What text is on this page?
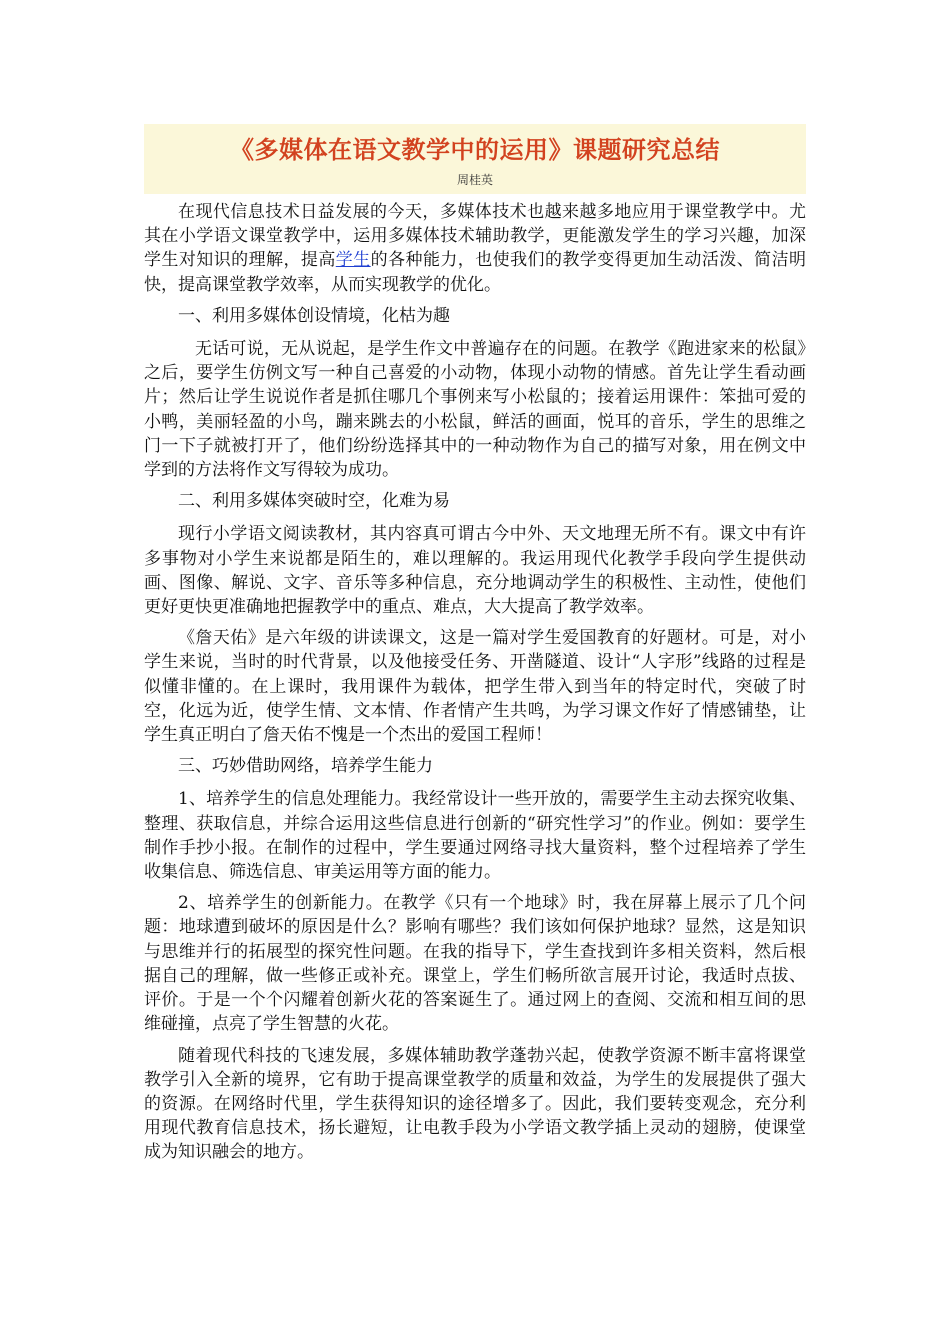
《多媒体在语文教学中的运用》课题研究总结

周桂英

在现代信息技术日益发展的今天，多媒体技术也越来越多地应用于课堂教学中。尤其在小学语文课堂教学中，运用多媒体技术辅助教学，更能激发学生的学习兴趣，加深学生对知识的理解，提高学生的各种能力，也使我们的教学变得更加生动活泼、简洁明快，提高课堂教学效率，从而实现教学的优化。

一、利用多媒体创设情境，化枯为趣

无话可说，无从说起，是学生作文中普遍存在的问题。在教学《跑进家来的松鼠》之后，要学生仿例文写一种自己喜爱的小动物，体现小动物的情感。首先让学生看动画片；然后让学生说说作者是抓住哪几个事例来写小松鼠的；接着运用课件：笨拙可爱的小鸭，美丽轻盈的小鸟，蹦来跳去的小松鼠，鲜活的画面，悦耳的音乐，学生的思维之门一下子就被打开了，他们纷纷选择其中的一种动物作为自己的描写对象，用在例文中学到的方法将作文写得较为成功。

二、利用多媒体突破时空，化难为易

现行小学语文阅读教材，其内容真可谓古今中外、天文地理无所不有。课文中有许多事物对小学生来说都是陌生的，难以理解的。我运用现代化教学手段向学生提供动画、图像、解说、文字、音乐等多种信息，充分地调动学生的积极性、主动性，使他们更好更快更准确地把握教学中的重点、难点，大大提高了教学效率。

《詹天佑》是六年级的讲读课文，这是一篇对学生爱国教育的好题材。可是，对小学生来说，当时的时代背景，以及他接受任务、开凿隧道、设计“人字形”线路的过程是似懂非懂的。在上课时，我用课件为载体，把学生带入到当年的特定时代，突破了时空，化远为近，使学生情、文本情、作者情产生共鸣，为学习课文作好了情感铺垫，让学生真正明白了詹天佑不愧是一个杰出的爱国工程师！

三、巧妙借助网络，培养学生能力

1、培养学生的信息处理能力。我经常设计一些开放的，需要学生主动去探究收集、整理、获取信息，并综合运用这些信息进行创新的“研究性学习”的作业。例如：要学生制作手抄小报。在制作的过程中，学生要通过网络寻找大量资料，整个过程培养了学生收集信息、筛选信息、审美运用等方面的能力。

2、培养学生的创新能力。在教学《只有一个地球》时，我在屏幕上展示了几个问题：地球遭到破坏的原因是什么？影响有哪些？我们该如何保护地球？显然，这是知识与思维并行的拓展型的探究性问题。在我的指导下，学生查找到许多相关资料，然后根据自己的理解，做一些修正或补充。课堂上，学生们畅所欲言展开讨论，我适时点拔、评价。于是一个个闪耀着创新火花的答案诞生了。通过网上的查阅、交流和相互间的思维碰撞，点亮了学生智慧的火花。

随着现代科技的飞速发展，多媒体辅助教学蓬勃兴起，使教学资源不断丰富将课堂教学引入全新的境界，它有助于提高课堂教学的质量和效益，为学生的发展提供了强大的资源。在网络时代里，学生获得知识的途径增多了。因此，我们要转变观念，充分利用现代教育信息技术，扬长避短，让电教手段为小学语文教学插上灵动的翅膀，使课堂成为知识融会的地方。
